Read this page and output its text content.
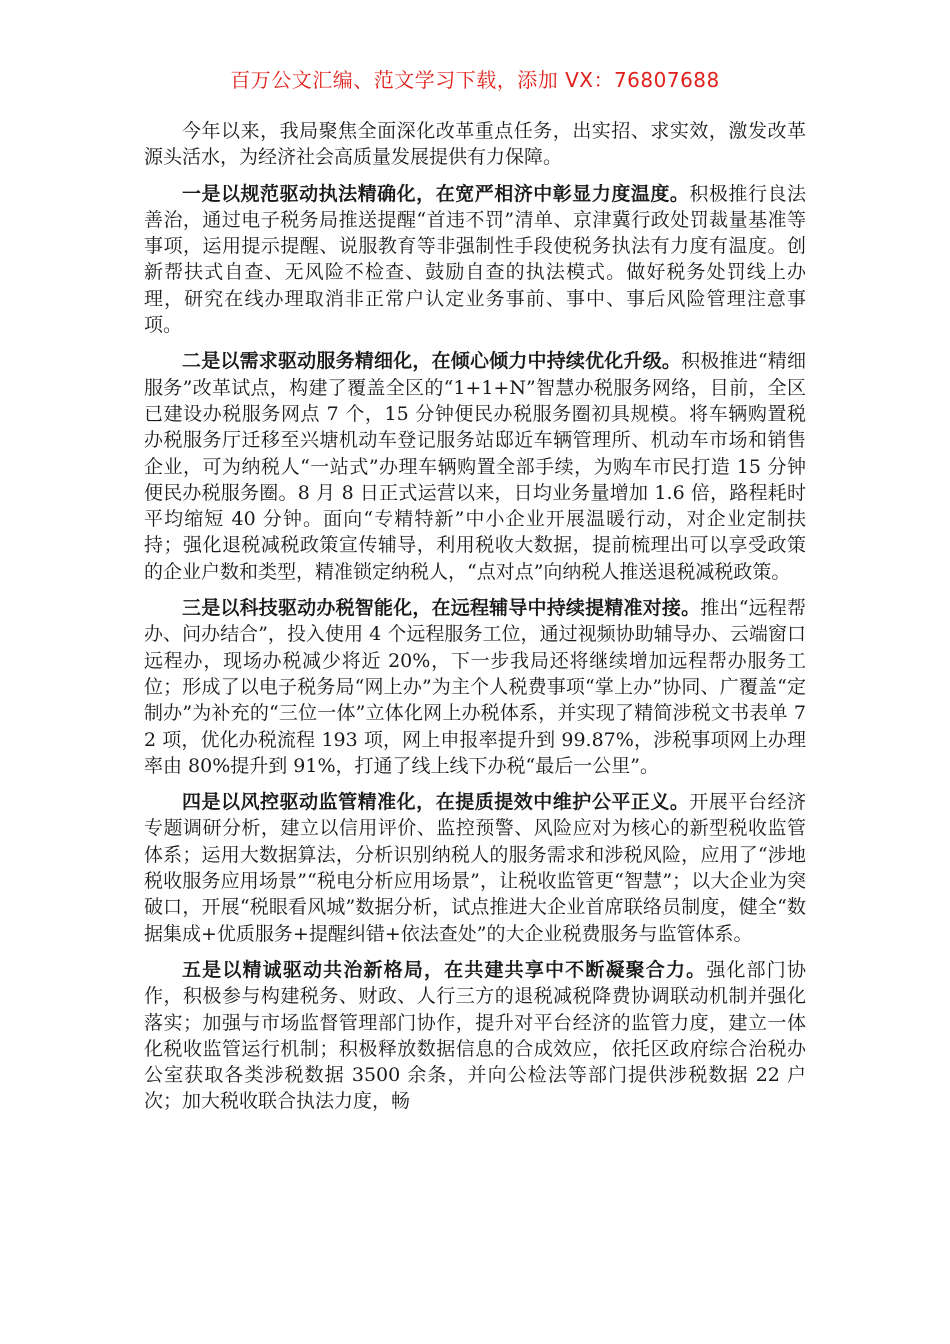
百万公文汇编、范文学习下载，添加 VX：76807688

今年以来，我局聚焦全面深化改革重点任务，出实招、求实效，激发改革源头活水，为经济社会高质量发展提供有力保障。

一是以规范驱动执法精确化，在宽严相济中彰显力度温度。积极推行良法善治，通过电子税务局推送提醒“首违不罚”清单、京津冀行政处罚裁量基准等事项，运用提示提醒、说服教育等非强制性手段使税务执法有力度有温度。创新帮扶式自查、无风险不检查、鼓励自查的执法模式。做好税务处罚线上办理，研究在线办理取消非正常户认定业务事前、事中、事后风险管理注意事项。

二是以需求驱动服务精细化，在倾心倾力中持续优化升级。积极推进“精细服务”改革试点，构建了覆盖全区的“1+1+N”智慧办税服务网络，目前，全区已建设办税服务网点 7 个，15 分钟便民办税服务圈初具规模。将车辆购置税办税服务厅迁移至兴塘机动车登记服务站邸近车辆管理所、机动车市场和销售企业，可为纳税人“一站式”办理车辆购置全部手续，为购车市民打造 15 分钟便民办税服务圈。8 月 8 日正式运营以来，日均业务量增加 1.6 倍，路程耗时平均缩短 40 分钟。面向“专精特新”中小企业开展温暖行动，对企业定制扶持；强化退税减税政策宣传辅导，利用税收大数据，提前梳理出可以享受政策的企业户数和类型，精准锁定纳税人，“点对点”向纳税人推送退税减税政策。

三是以科技驱动办税智能化，在远程辅导中持续提精准对接。推出“远程帮办、问办结合”，投入使用 4 个远程服务工位，通过视频协助辅导办、云端窗口远程办，现场办税减少将近 20%，下一步我局还将继续增加远程帮办服务工位；形成了以电子税务局“网上办”为主个人税费事项“掌上办”协同、广覆盖“定制办”为补充的“三位一体”立体化网上办税体系，并实现了精简涉税文书表单 72 项，优化办税流程 193 项，网上申报率提升到 99.87%，涉税事项网上办理率由 80%提升到 91%，打通了线上线下办税“最后一公里”。

四是以风控驱动监管精准化，在提质提效中维护公平正义。开展平台经济专题调研分析，建立以信用评价、监控预警、风险应对为核心的新型税收监管体系；运用大数据算法，分析识别纳税人的服务需求和涉税风险，应用了“涉地税收服务应用场景”“税电分析应用场景”，让税收监管更“智慧”；以大企业为突破口，开展“税眼看风城”数据分析，试点推进大企业首席联络员制度，健全“数据集成+优质服务+提醒纠错+依法查处”的大企业税费服务与监管体系。

五是以精诚驱动共治新格局，在共建共享中不断凝聚合力。强化部门协作，积极参与构建税务、财政、人行三方的退税减税降费协调联动机制并强化落实；加强与市场监督管理部门协作，提升对平台经济的监管力度，建立一体化税收监管运行机制；积极释放数据信息的合成效应，依托区政府综合治税办公室获取各类涉税数据 3500 余条，并向公检法等部门提供涉税数据 22 户次；加大税收联合执法力度，畅
